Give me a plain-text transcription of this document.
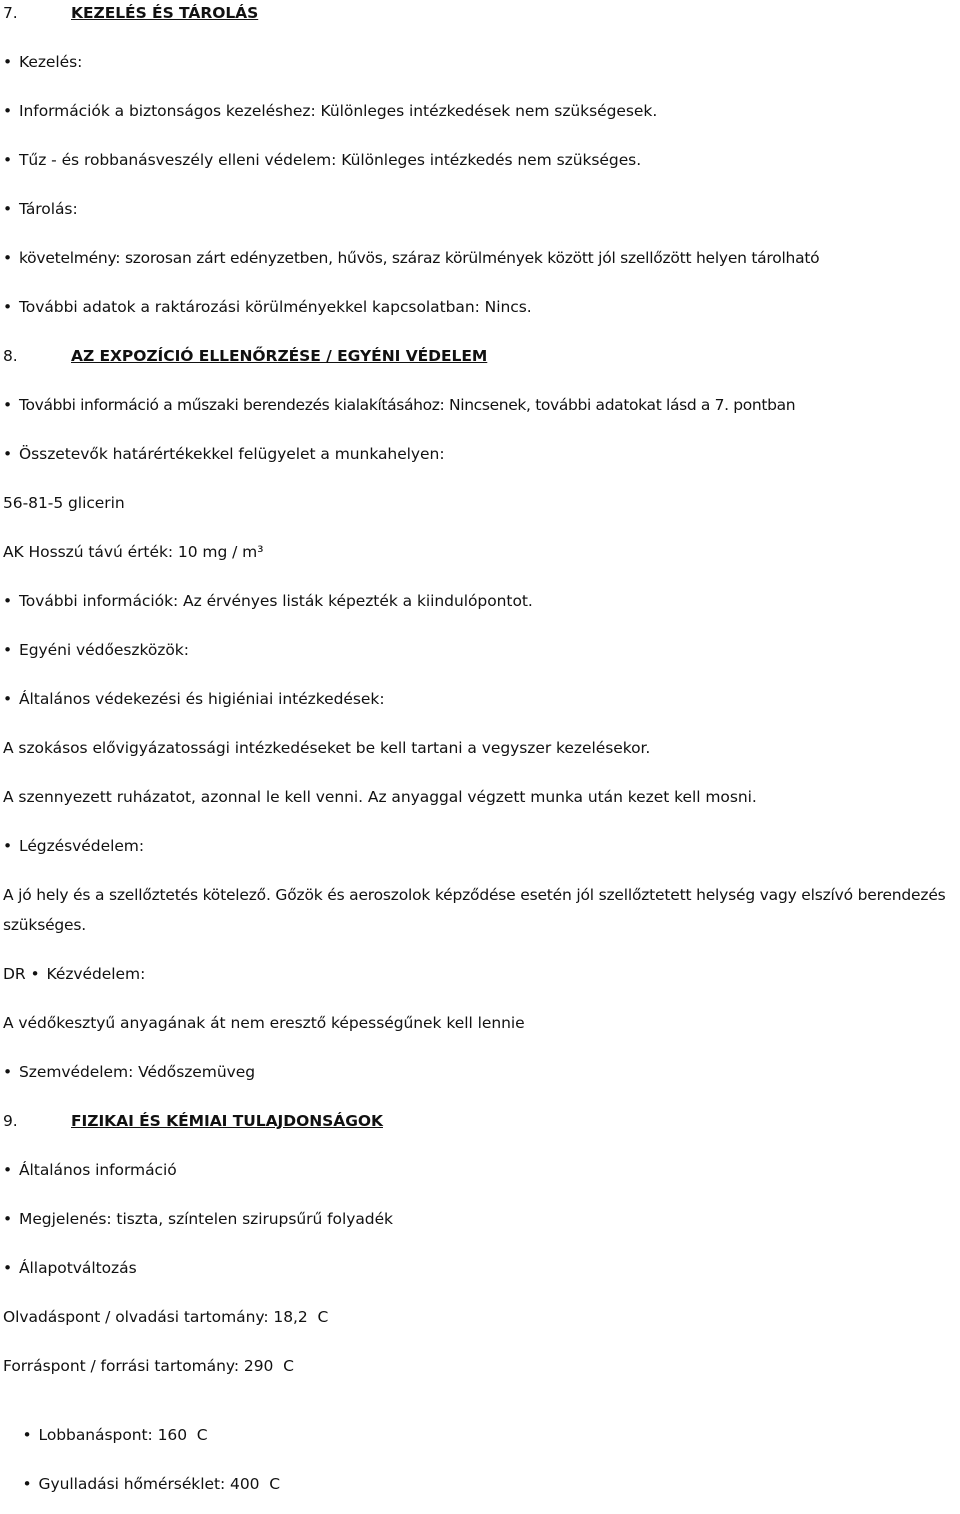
7.	KEZELÉS ÉS TÁROLÁS
• Kezelés:
• Információk a biztonságos kezeléshez: Különleges intézkedések nem szükségesek.
• Tűz - és robbanásveszély elleni védelem: Különleges intézkedés nem szükséges.
• Tárolás:
• követelmény: szorosan zárt edényzetben, hűvös, száraz körülmények között jól szellőzött helyen tárolható
• További adatok a raktározási körülményekkel kapcsolatban: Nincs.
8.	AZ EXPOZÍCIÓ ELLENŐRZÉSE / EGYÉNI VÉDELEM
• További információ a műszaki berendezés kialakításához: Nincsenek, további adatokat lásd a 7. pontban
• Összetevők határértékekkel felügyelet a munkahelyen:
56-81-5 glicerin
AK Hosszú távú érték: 10 mg / m³
• További információk: Az érvényes listák képezték a kiindulópontot.
• Egyéni védőeszközök:
• Általános védekezési és higiéniai intézkedések:
A szokásos elővigyázatossági intézkedéseket be kell tartani a vegyszer kezelésekor.
A szennyezett ruházatot, azonnal le kell venni. Az anyaggal végzett munka után kezet kell mosni.
• Légzésvédelem:
A jó hely és a szellőztetés kötelező. Gőzök és aeroszolok képződése esetén jól szellőztetett helység vagy elszívó berendezés szükséges.
DR • Kézvédelem:
A védőkesztyű anyagának át nem eresztő képességűnek kell lennie
• Szemvédelem: Védőszemüveg
9.	FIZIKAI ÉS KÉMIAI TULAJDONSÁGOK
• Általános információ
• Megjelenés: tiszta, színtelen szirupsűrű folyadék
• Állapotváltozás
Olvadáspont / olvadási tartomány: 18,2  C
Forráspont / forrási tartomány: 290  C

• Lobbanáspont: 160  C

• Gyulladási hőmérséklet: 400  C
